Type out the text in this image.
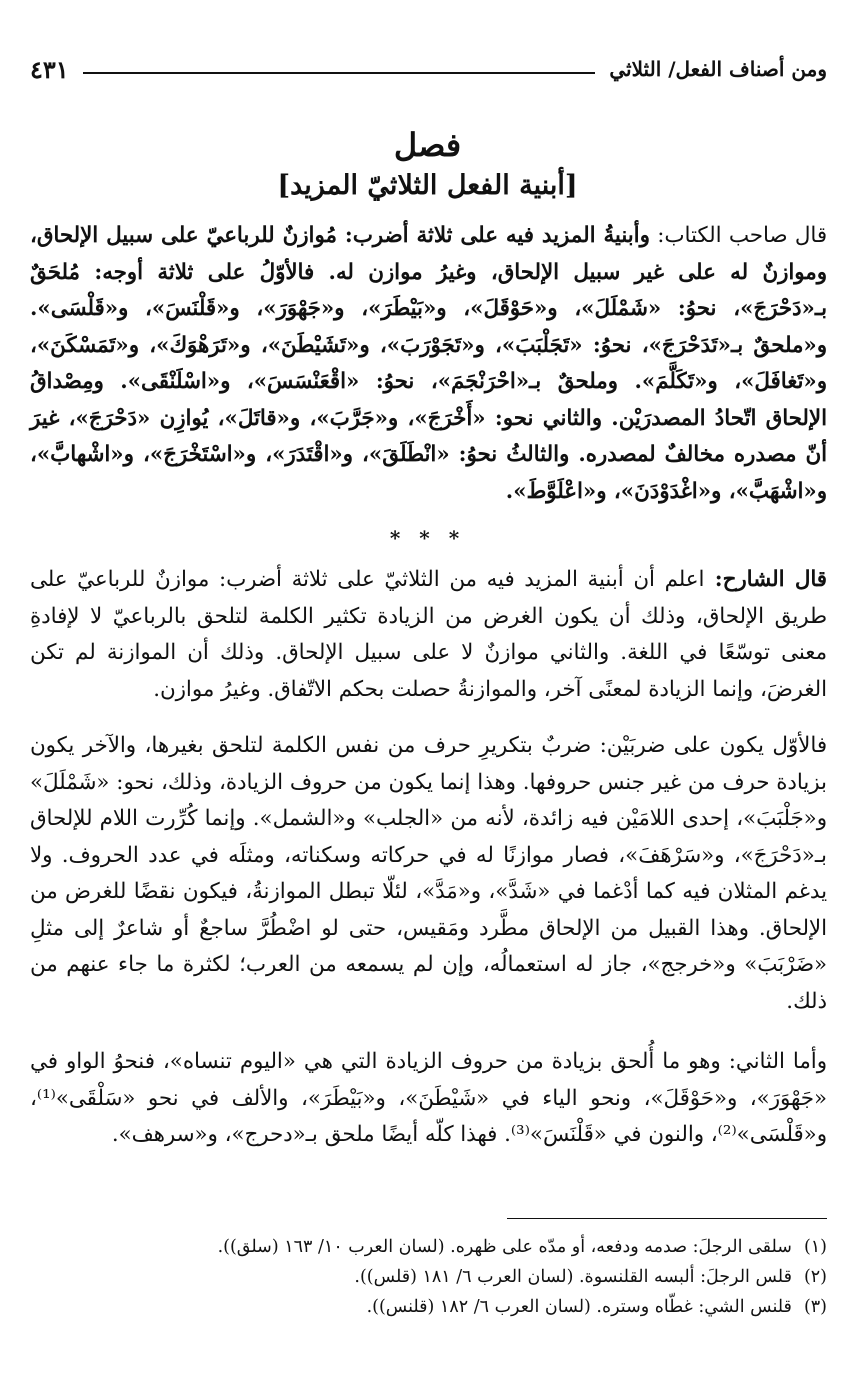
ومن أصناف الفعل/ الثلاثي
٤٣١
فصل
[أبنية الفعل الثلاثيّ المزيد]
قال صاحب الكتاب: وأبنيةُ المزيد فيه على ثلاثة أضرب: مُوازنٌ للرباعيّ على سبيل الإلحاق، وموازنٌ له على غير سبيل الإلحاق، وغيرُ موازن له. فالأوّلُ على ثلاثة أوجه: مُلحَقٌ بـ«دَحْرَجَ»، نحوُ: «شَمْلَلَ»، و«حَوْقَلَ»، و«بَيْطَرَ»، و«جَهْوَرَ»، و«قَلْنَسَ»، و«قَلْسَى». و«ملحقٌ بـ«تَدَحْرَجَ»، نحوُ: «تَجَلْبَبَ»، و«تَجَوْرَبَ»، و«تَشَيْطَنَ»، و«تَرَهْوَكَ»، و«تَمَسْكَنَ»، و«تَغافَلَ»، و«تَكَلَّمَ». وملحقٌ بـ«احْرَنْجَمَ»، نحوُ: «اقْعَنْسَسَ»، و«اسْلَنْقَى». ومِصْداقُ الإلحاق اتّحادُ المصدرَيْن. والثاني نحو: «أَخْرَجَ»، و«جَرَّبَ»، و«قاتَلَ»، يُوازِن «دَحْرَجَ»، غيرَ أنّ مصدره مخالفٌ لمصدره. والثالثُ نحوُ: «انْطَلَقَ»، و«اقْتَدَرَ»، و«اسْتَخْرَجَ»، و«اشْهابَّ»، و«اشْهَبَّ»، و«اغْدَوْدَنَ»، و«اعْلَوَّطَ».
* * *
قال الشارح: اعلم أن أبنية المزيد فيه من الثلاثيّ على ثلاثة أضرب: موازنٌ للرباعيّ على طريق الإلحاق، وذلك أن يكون الغرض من الزيادة تكثير الكلمة لتلحق بالرباعيّ لا لإفادةِ معنى توسّعًا في اللغة. والثاني موازنٌ لا على سبيل الإلحاق. وذلك أن الموازنة لم تكن الغرضَ، وإنما الزيادة لمعنًى آخر، والموازنةُ حصلت بحكم الاتّفاق. وغيرُ موازن.
فالأوّل يكون على ضربَيْن: ضربٌ بتكريرِ حرف من نفس الكلمة لتلحق بغيرها، والآخر يكون بزيادة حرف من غير جنس حروفها. وهذا إنما يكون من حروف الزيادة، وذلك، نحو: «شَمْلَلَ» و«جَلْبَبَ»، إحدى اللامَيْن فيه زائدة، لأنه من «الجلب» و«الشمل». وإنما كُرِّرت اللام للإلحاق بـ«دَحْرَجَ»، و«سَرْهَفَ»، فصار موازنًا له في حركاته وسكناته، ومثلَه في عدد الحروف. ولا يدغم المثلان فيه كما أدْغما في «شَدَّ»، و«مَدَّ»، لئلّا تبطل الموازنةُ، فيكون نقضًا للغرض من الإلحاق. وهذا القبيل من الإلحاق مطَّرد ومَقيس، حتى لو اضْطُرَّ ساجعٌ أو شاعرٌ إلى مثلِ «ضَرْبَبَ» و«خرجج»، جاز له استعمالُه، وإن لم يسمعه من العرب؛ لكثرة ما جاء عنهم من ذلك.
وأما الثاني: وهو ما أُلحق بزيادة من حروف الزيادة التي هي «اليوم تنساه»، فنحوُ الواو في «جَهْوَرَ»، و«حَوْقَلَ»، ونحو الياء في «شَيْطَنَ»، و«بَيْطَرَ»، والألف في نحو «سَلْقَى»⁽¹⁾، و«قَلْسَى»⁽²⁾، والنون في «قَلْنَسَ»⁽³⁾. فهذا كلّه أيضًا ملحق بـ«دحرج»، و«سرهف».
(١)سلقى الرجلَ: صدمه ودفعه، أو مدّه على ظهره. (لسان العرب ١٠/ ١٦٣ (سلق)).
(٢)قلس الرجلَ: ألبسه القلنسوة. (لسان العرب ٦/ ١٨١ (قلس)).
(٣)قلنس الشي: غطّاه وستره. (لسان العرب ٦/ ١٨٢ (قلنس)).
